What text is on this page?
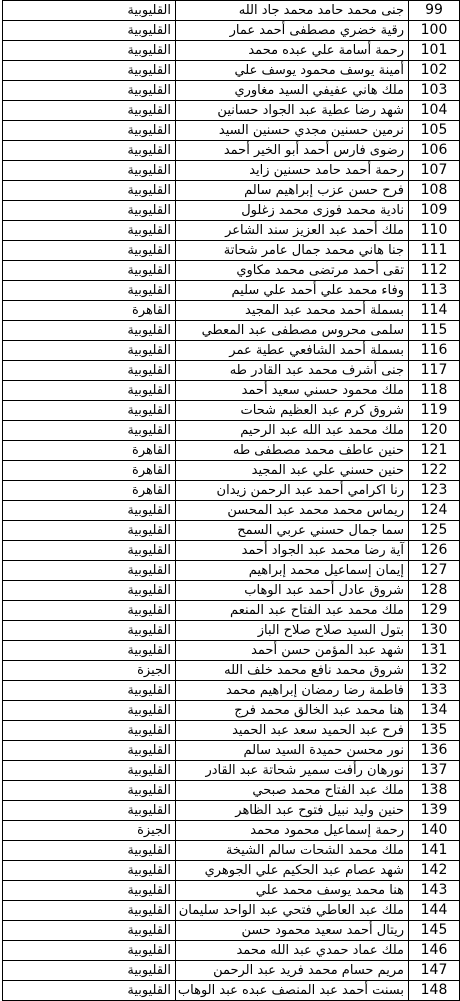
99	جنى محمد حامد محمد جاد الله	القليوبية
100	رقية خضري مصطفى أحمد عمار	القليوبية
101	رحمة أسامة علي عبده محمد	القليوبية
102	أمينة يوسف محمود يوسف علي	القليوبية
103	ملك هاني عفيفي السيد مغاوري	القليوبية
104	شهد رضا عطية عبد الجواد حسانين	القليوبية
105	نرمين حسنين مجدي حسنين السيد	القليوبية
106	رضوى فارس أحمد أبو الخير أحمد	القليوبية
107	رحمة أحمد حامد حسنين زايد	القليوبية
108	فرح حسن عزب إبراهيم سالم	القليوبية
109	نادية محمد فوزى محمد زغلول	القليوبية
110	ملك أحمد عبد العزيز سند الشاعر	القليوبية
111	جنا هاني محمد جمال عامر شحاتة	القليوبية
112	تقى أحمد مرتضى محمد مكاوي	القليوبية
113	وفاء محمد علي أحمد علي سليم	القليوبية
114	بسملة أحمد محمد عبد المجيد	القاهرة
115	سلمى محروس مصطفى عبد المعطي	القليوبية
116	بسملة أحمد الشافعي عطية عمر	القليوبية
117	جنى أشرف محمد عبد القادر طه	القليوبية
118	ملك محمود حسني سعيد أحمد	القليوبية
119	شروق كرم عبد العظيم شحات	القليوبية
120	ملك محمد عبد الله عبد الرحيم	القليوبية
121	حنين عاطف محمد مصطفى طه	القاهرة
122	حنين حسني علي عبد المجيد	القاهرة
123	رنا اكرامي أحمد عبد الرحمن زيدان	القاهرة
124	ريماس محمد محمد عبد المحسن	القليوبية
125	سما جمال حسني عربي السمح	القليوبية
126	آية رضا محمد عبد الجواد أحمد	القليوبية
127	إيمان إسماعيل محمد إبراهيم	القليوبية
128	شروق عادل أحمد عبد الوهاب	القليوبية
129	ملك محمد عبد الفتاح عبد المنعم	القليوبية
130	بتول السيد صلاح صلاح الباز	القليوبية
131	شهد عبد المؤمن حسن أحمد	القليوبية
132	شروق محمد نافع محمد خلف الله	الجيزة
133	فاطمة رضا رمضان إبراهيم محمد	القليوبية
134	هنا محمد عبد الخالق محمد فرج	القليوبية
135	فرح عبد الحميد سعد عبد الحميد	القليوبية
136	نور محسن حميدة السيد سالم	القليوبية
137	نورهان رأفت سمير شحاتة عبد القادر	القليوبية
138	ملك عبد الفتاح محمد صبحي	القليوبية
139	حنين وليد نبيل فتوح عبد الظاهر	القليوبية
140	رحمة إسماعيل محمود محمد	الجيزة
141	ملك محمد الشحات سالم الشيخة	القليوبية
142	شهد عصام عبد الحكيم علي الجوهري	القليوبية
143	هنا محمد يوسف محمد علي	القليوبية
144	ملك عبد العاطي فتحي عبد الواحد سليمان	القليوبية
145	ريتال أحمد سعيد محمود حسن	القليوبية
146	ملك عماد حمدي عبد الله محمد	القليوبية
147	مريم حسام محمد فريد عبد الرحمن	القليوبية
148	بسنت أحمد عبد المنصف عبده عبد الوهاب	القليوبية
